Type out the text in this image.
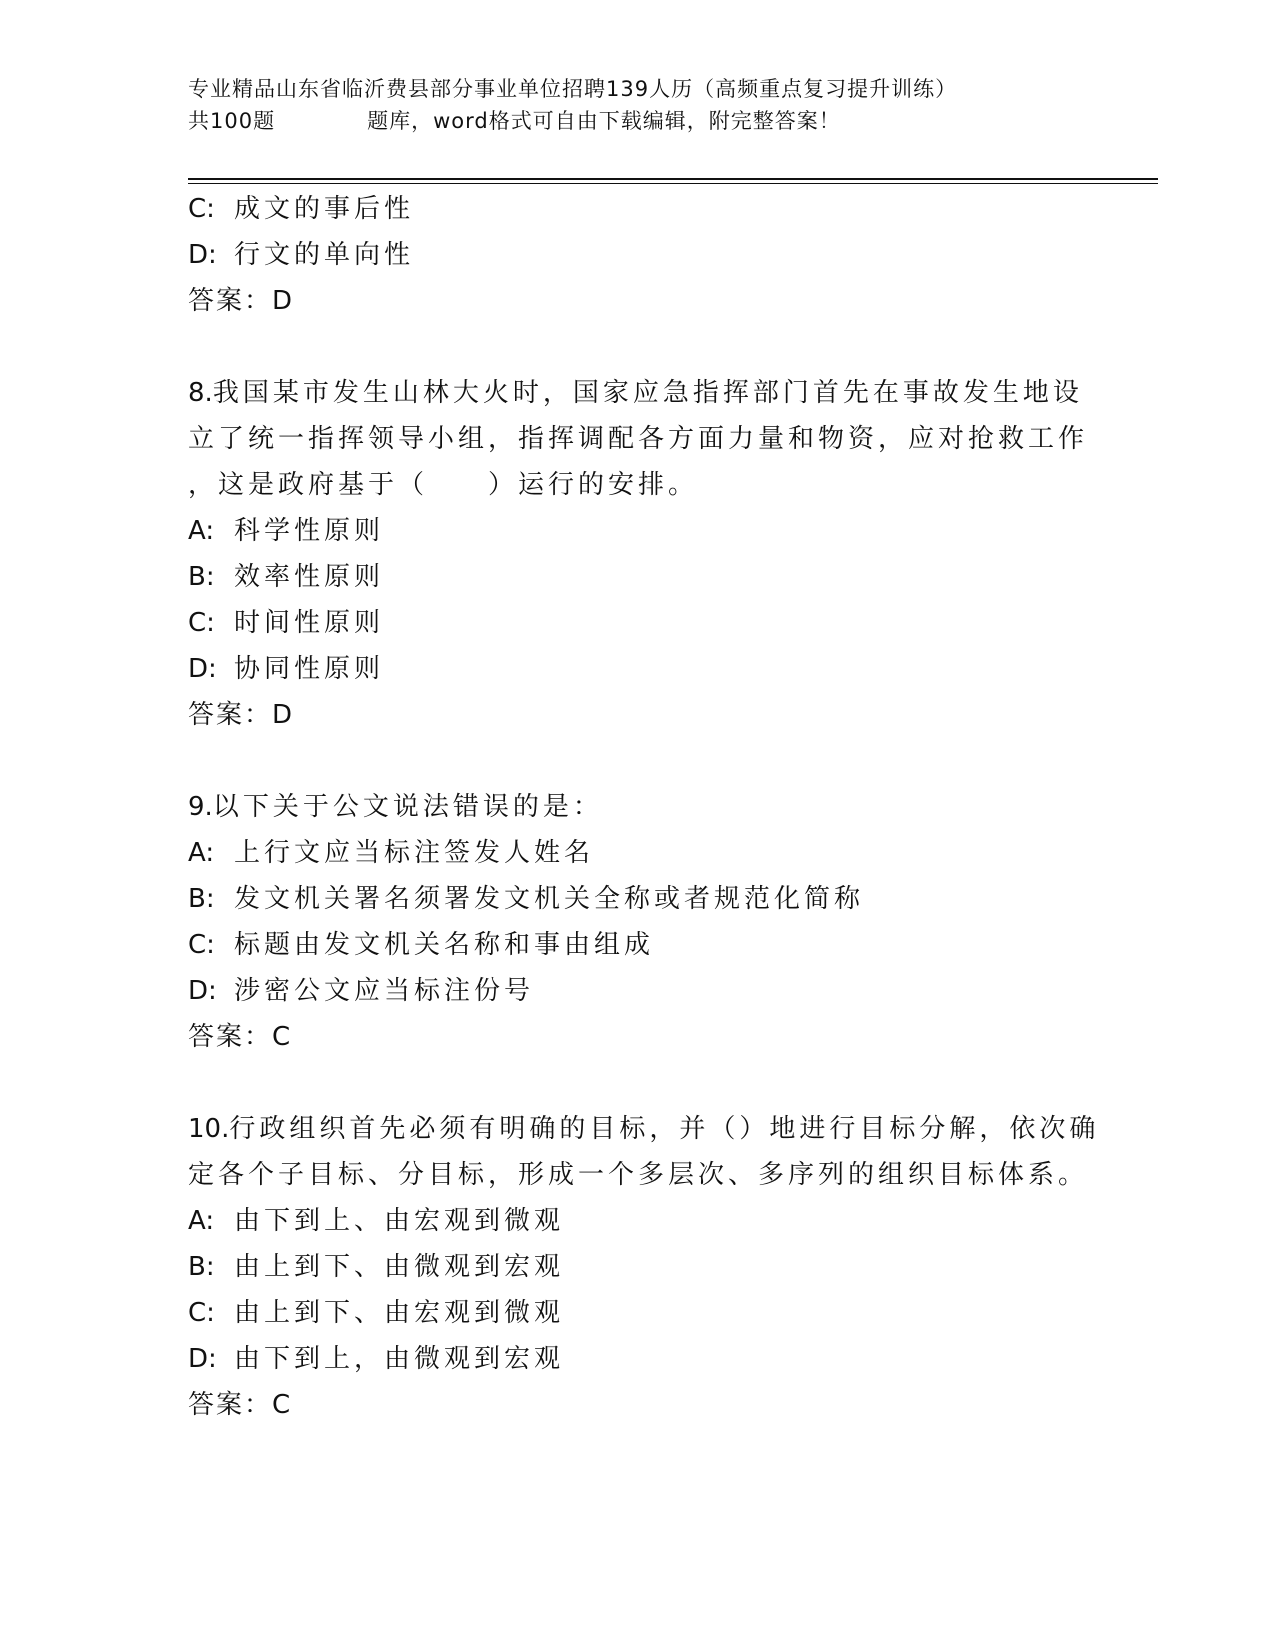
专业精品山东省临沂费县部分事业单位招聘139人历（高频重点复习提升训练）
共100题	题库，word格式可自由下载编辑，附完整答案！
C: 成文的事后性
D: 行文的单向性
答案：D
8.我国某市发生山林大火时，国家应急指挥部门首先在事故发生地设
立了统一指挥领导小组，指挥调配各方面力量和物资，应对抢救工作
，这是政府基于（　　）运行的安排。
A: 科学性原则
B: 效率性原则
C: 时间性原则
D: 协同性原则
答案：D
9.以下关于公文说法错误的是：
A: 上行文应当标注签发人姓名
B: 发文机关署名须署发文机关全称或者规范化简称
C: 标题由发文机关名称和事由组成
D: 涉密公文应当标注份号
答案：C
10.行政组织首先必须有明确的目标，并（）地进行目标分解，依次确
定各个子目标、分目标，形成一个多层次、多序列的组织目标体系。
A: 由下到上、由宏观到微观
B: 由上到下、由微观到宏观
C: 由上到下、由宏观到微观
D: 由下到上，由微观到宏观
答案：C
